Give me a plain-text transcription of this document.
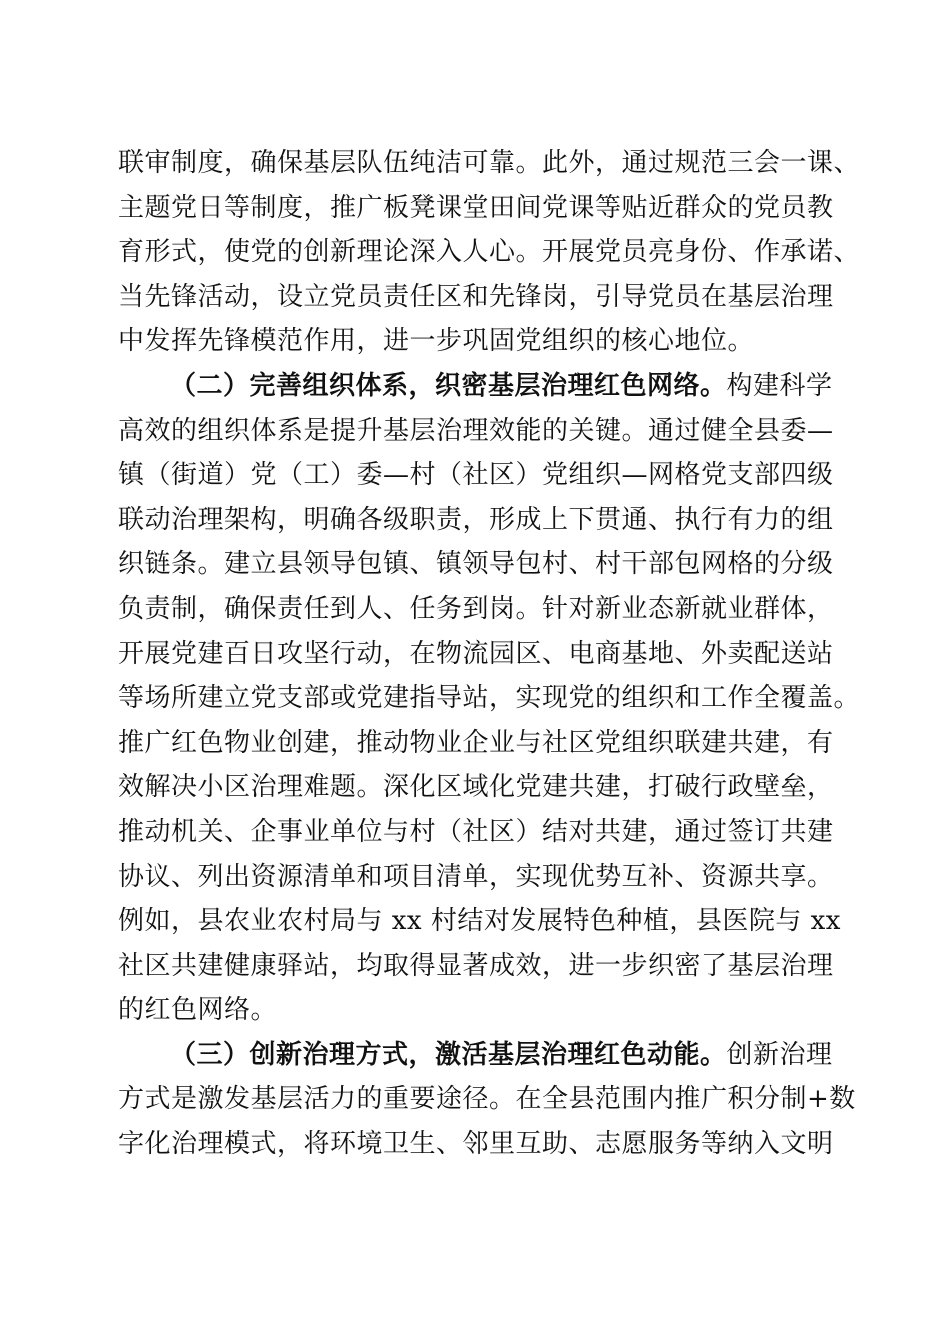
联审制度，确保基层队伍纯洁可靠。此外，通过规范三会一课、
主题党日等制度，推广板凳课堂田间党课等贴近群众的党员教
育形式，使党的创新理论深入人心。开展党员亮身份、作承诺、
当先锋活动，设立党员责任区和先锋岗，引导党员在基层治理
中发挥先锋模范作用，进一步巩固党组织的核心地位。
（二）完善组织体系，织密基层治理红色网络。构建科学
高效的组织体系是提升基层治理效能的关键。通过健全县委—
镇（街道）党（工）委—村（社区）党组织—网格党支部四级
联动治理架构，明确各级职责，形成上下贯通、执行有力的组
织链条。建立县领导包镇、镇领导包村、村干部包网格的分级
负责制，确保责任到人、任务到岗。针对新业态新就业群体，
开展党建百日攻坚行动，在物流园区、电商基地、外卖配送站
等场所建立党支部或党建指导站，实现党的组织和工作全覆盖。
推广红色物业创建，推动物业企业与社区党组织联建共建，有
效解决小区治理难题。深化区域化党建共建，打破行政壁垒，
推动机关、企事业单位与村（社区）结对共建，通过签订共建
协议、列出资源清单和项目清单，实现优势互补、资源共享。
例如，县农业农村局与 xx 村结对发展特色种植，县医院与 xx
社区共建健康驿站，均取得显著成效，进一步织密了基层治理
的红色网络。
（三）创新治理方式，激活基层治理红色动能。创新治理
方式是激发基层活力的重要途径。在全县范围内推广积分制+数
字化治理模式，将环境卫生、邻里互助、志愿服务等纳入文明
